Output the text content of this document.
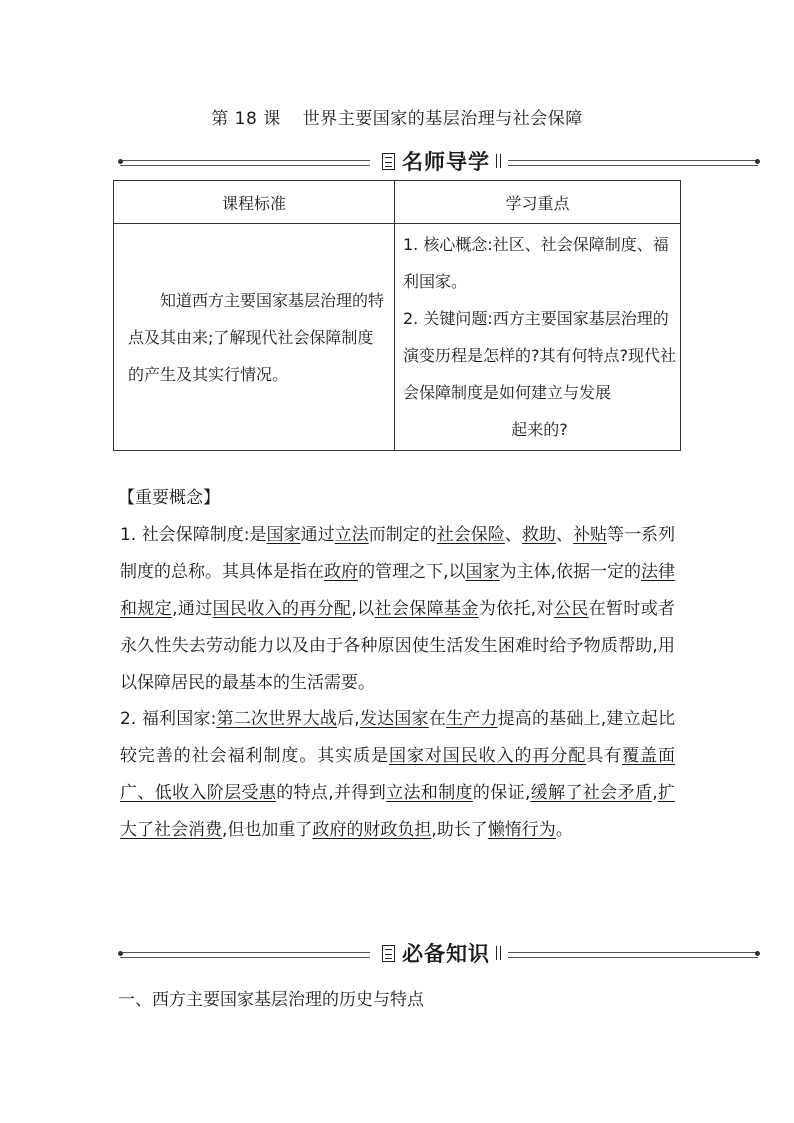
第 18 课 世界主要国家的基层治理与社会保障
名师导学
课程标准	学习重点
知道西方主要国家基层治理的特点及其由来;了解现代社会保障制度的产生及其实行情况。	1. 核心概念:社区、社会保障制度、福利国家。
2. 关键问题:西方主要国家基层治理的演变历程是怎样的?其有何特点?现代社会保障制度是如何建立与发展
起来的?
【重要概念】

1. 社会保障制度:是国家通过立法而制定的社会保险、救助、补贴等一系列制度的总称。其具体是指在政府的管理之下,以国家为主体,依据一定的法律和规定,通过国民收入的再分配,以社会保障基金为依托,对公民在暂时或者永久性失去劳动能力以及由于各种原因使生活发生困难时给予物质帮助,用以保障居民的最基本的生活需要。

2. 福利国家:第二次世界大战后,发达国家在生产力提高的基础上,建立起比较完善的社会福利制度。其实质是国家对国民收入的再分配具有覆盖面广、低收入阶层受惠的特点,并得到立法和制度的保证,缓解了社会矛盾,扩大了社会消费,但也加重了政府的财政负担,助长了懒惰行为。

必备知识
一、西方主要国家基层治理的历史与特点
